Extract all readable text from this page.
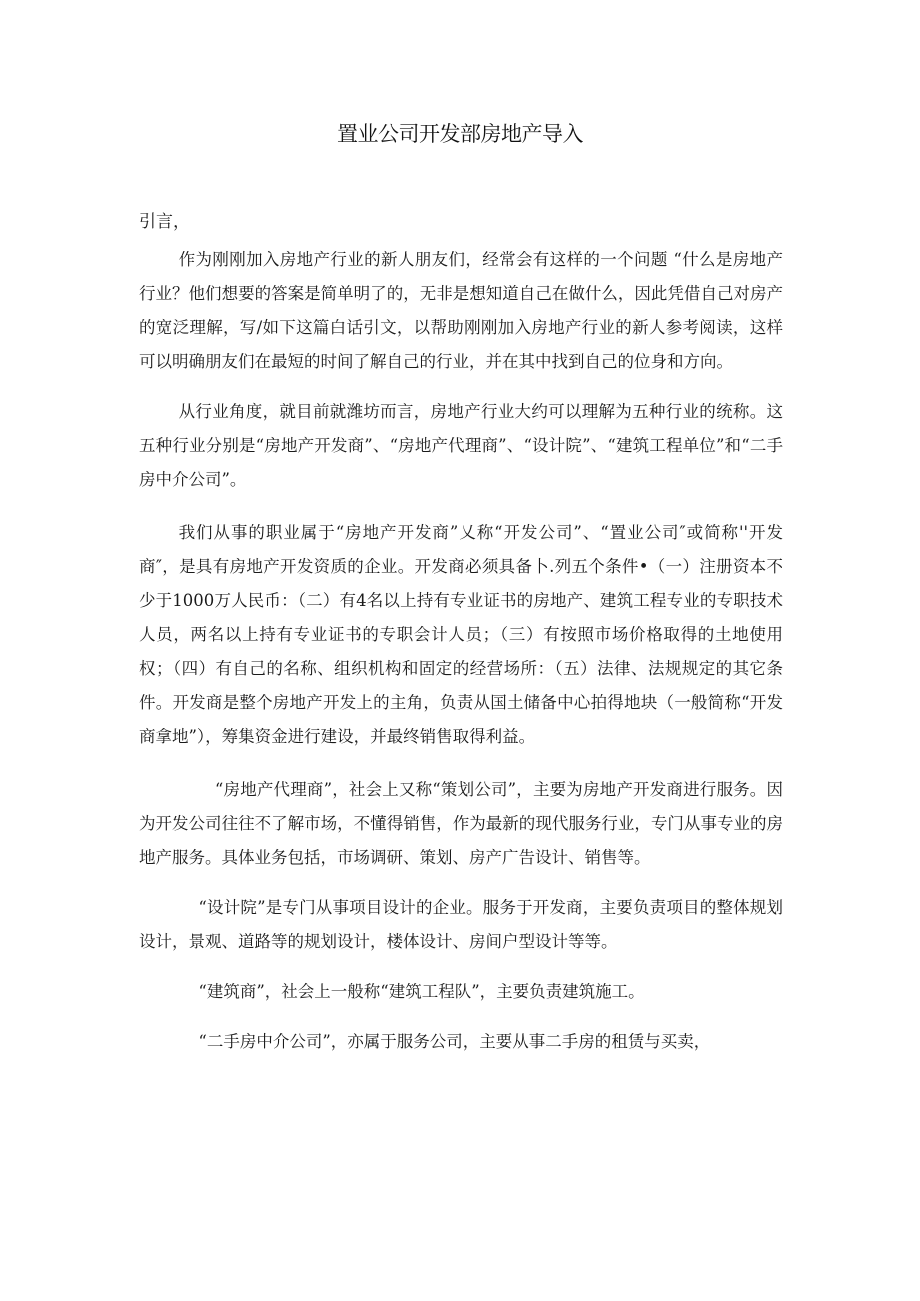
置业公司开发部房地产导入

引言，

作为刚刚加入房地产行业的新人朋友们，经常会有这样的一个问题 “什么是房地产行业？他们想要的答案是简单明了的，无非是想知道自己在做什么，因此凭借自己对房产的宽泛理解，写/如下这篇白话引文，以帮助刚刚加入房地产行业的新人参考阅读，这样可以明确朋友们在最短的时间了解自己的行业，并在其中找到自己的位身和方向。

从行业角度，就目前就潍坊而言，房地产行业大约可以理解为五种行业的统称。这五种行业分别是“房地产开发商”、“房地产代理商”、“设计院”、“建筑工程单位”和“二手房中介公司”。

我们从事的职业属于“房地产开发商”乂称“开发公司”、“置业公司″或简称''开发商″，是具有房地产开发资质的企业。开发商必须具备卜.列五个条件•（一）注册资本不少于1000万人民币：（二）有4名以上持有专业证书的房地产、建筑工程专业的专职技术人员，两名以上持有专业证书的专职会计人员；（三）有按照市场价格取得的土地使用权；（四）有自己的名称、组织机构和固定的经营场所：（五）法律、法规规定的其它条件。开发商是整个房地产开发上的主角，负责从国土储备中心拍得地块（一般简称“开发商拿地”），筹集资金进行建设，并最终销售取得利益。

“房地产代理商”，社会上又称“策划公司”，主要为房地产开发商进行服务。因为开发公司往往不了解市场，不懂得销售，作为最新的现代服务行业，专门从事专业的房地产服务。具体业务包括，市场调研、策划、房产广告设计、销售等。

“设计院”是专门从事项目设计的企业。服务于开发商，主要负责项目的整体规划设计，景观、道路等的规划设计，楼体设计、房间户型设计等等。

“建筑商”，社会上一般称“建筑工程队”，主要负责建筑施工。

“二手房中介公司”，亦属于服务公司，主要从事二手房的租赁与买卖，
